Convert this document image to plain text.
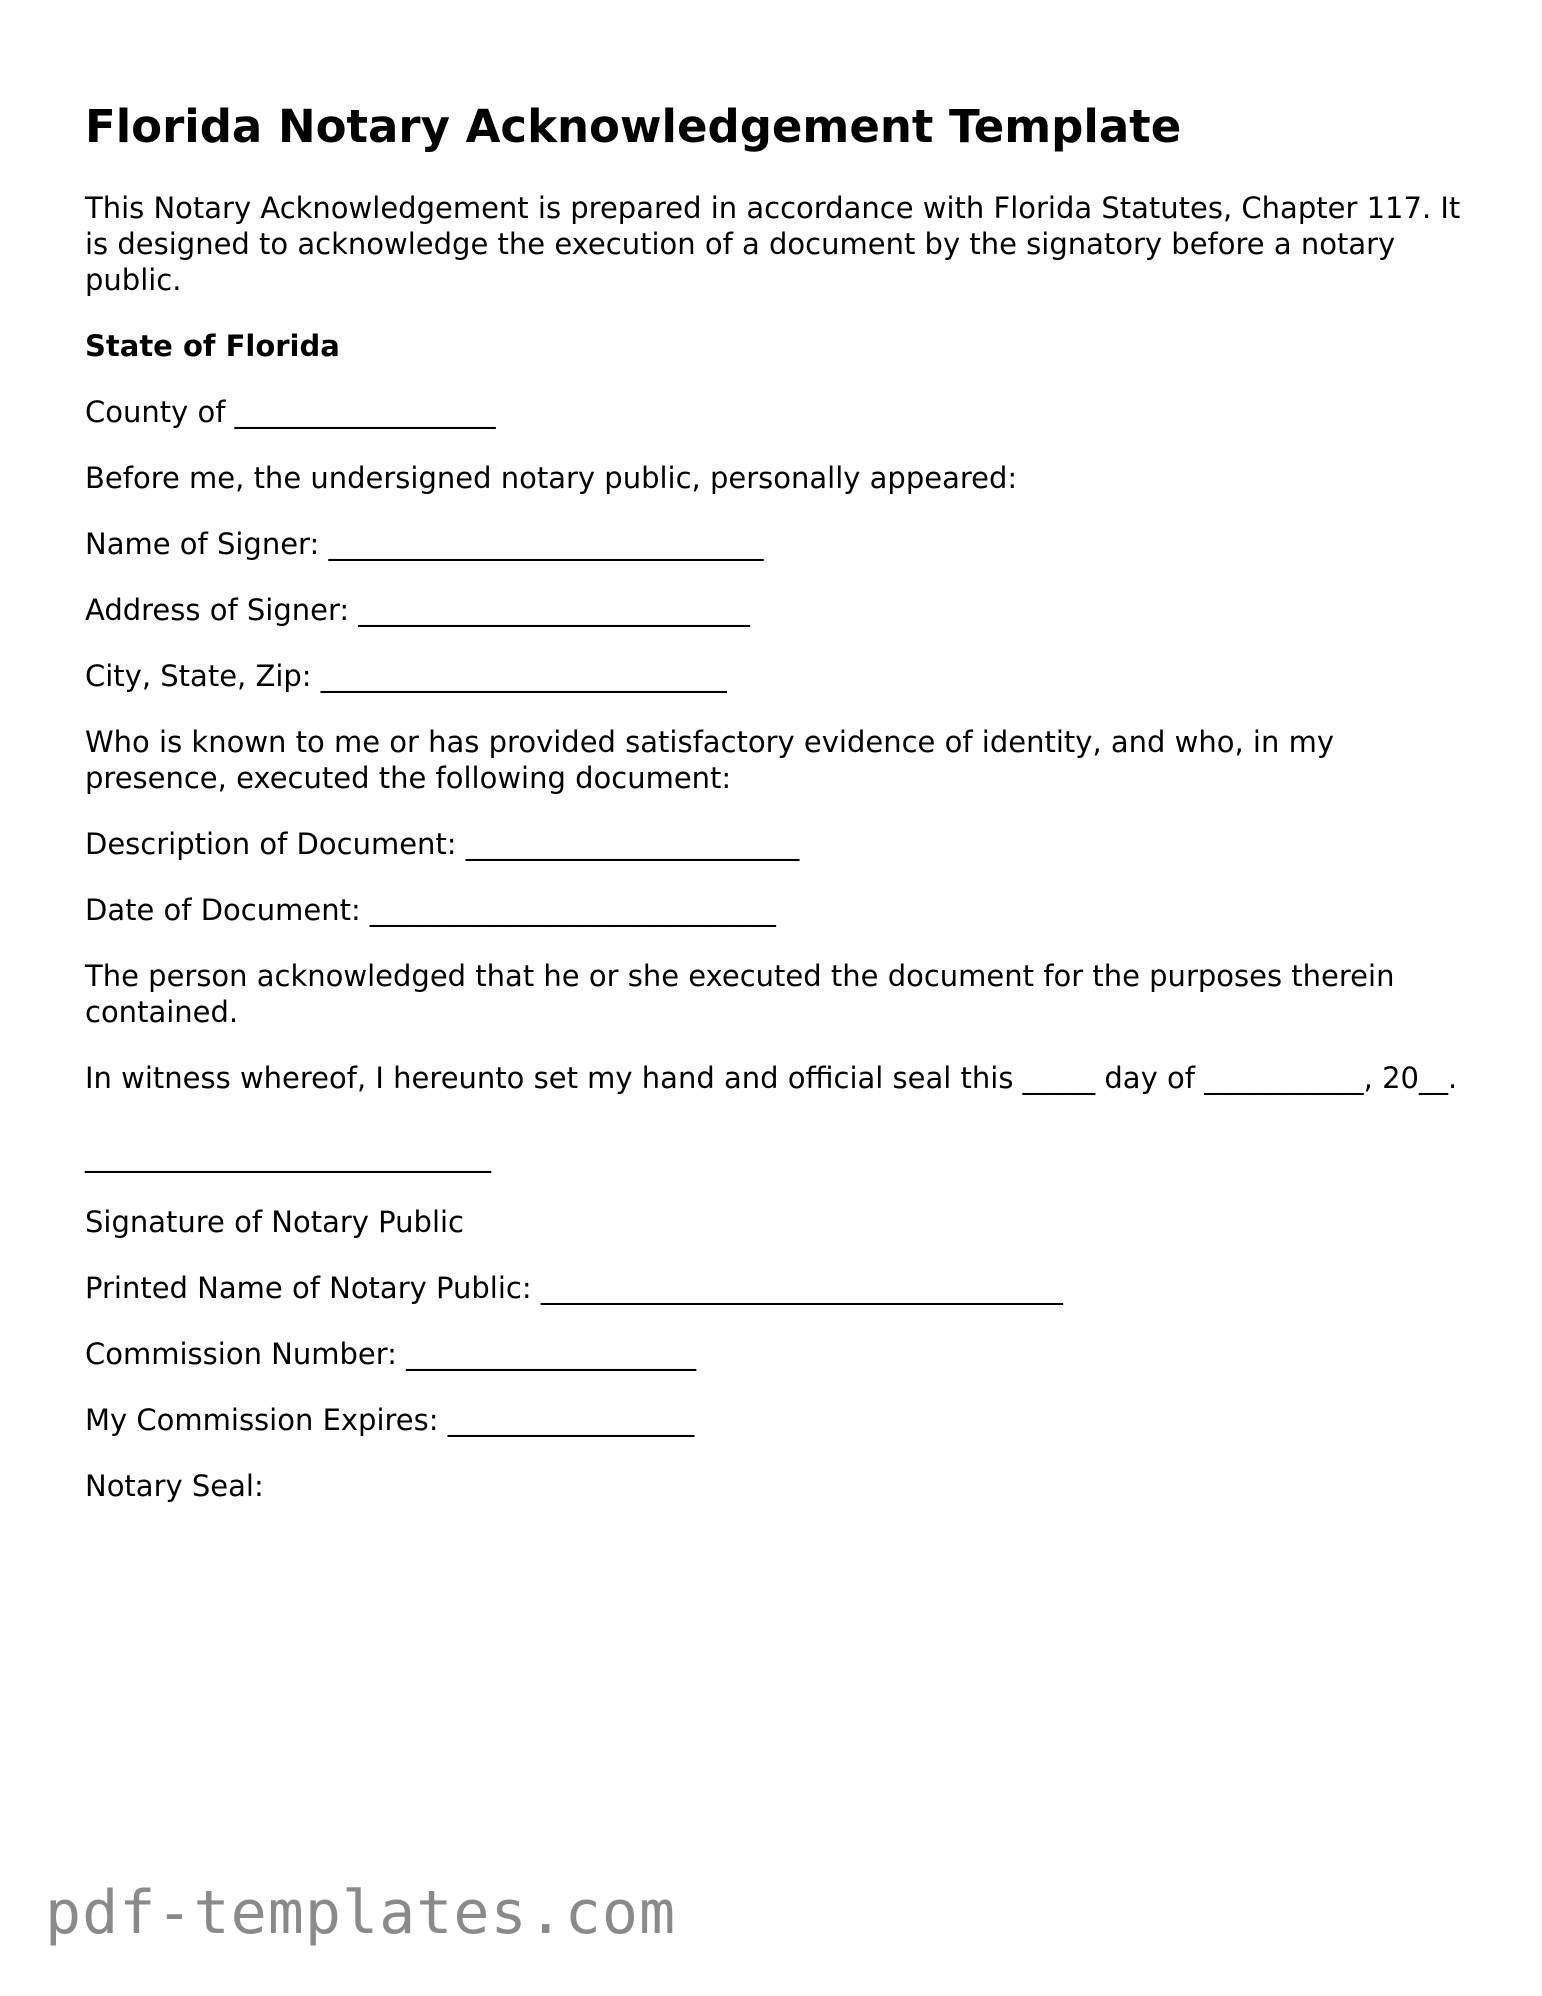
Florida Notary Acknowledgement Template

This Notary Acknowledgement is prepared in accordance with Florida Statutes, Chapter 117. It is designed to acknowledge the execution of a document by the signatory before a notary public.

State of Florida

County of __________________

Before me, the undersigned notary public, personally appeared:

Name of Signer: ______________________________

Address of Signer: ___________________________

City, State, Zip: ____________________________

Who is known to me or has provided satisfactory evidence of identity, and who, in my presence, executed the following document:

Description of Document: _______________________

Date of Document: ____________________________

The person acknowledged that he or she executed the document for the purposes therein contained.

In witness whereof, I hereunto set my hand and official seal this _____ day of ___________, 20__.

____________________________

Signature of Notary Public

Printed Name of Notary Public: ____________________________________

Commission Number: ____________________

My Commission Expires: _________________

Notary Seal:

pdf-templates.com
